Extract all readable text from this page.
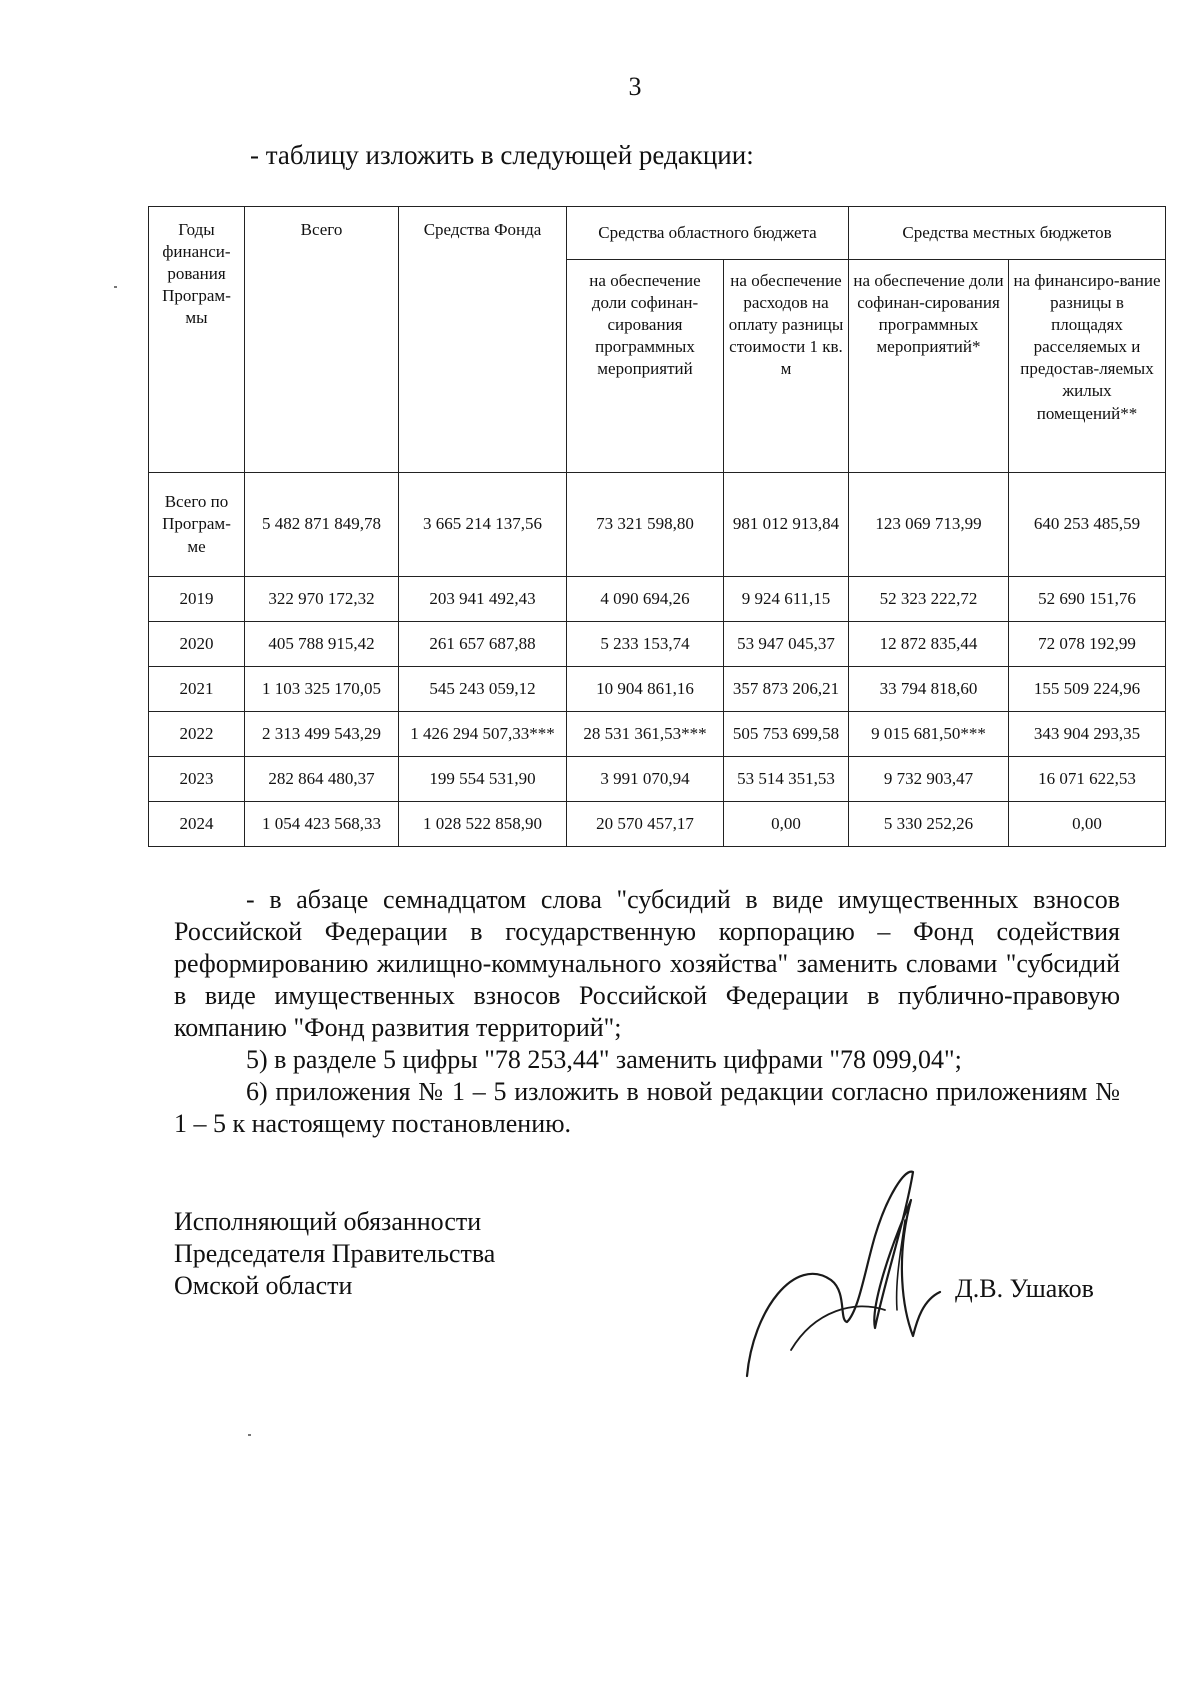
3

- таблицу изложить в следующей редакции:

Годы финанси-рования Програм-мы	Всего	Средства Фонда	Средства областного бюджета		Средства местных бюджетов	
			на обеспечение доли софинан-сирования программных мероприятий	на обеспечение расходов на оплату разницы стоимости 1 кв. м	на обеспечение доли софинан-сирования программных мероприятий*	на финансиро-вание разницы в площадях расселяемых и предостав-ляемых жилых помещений**
Всего по Програм-ме	5 482 871 849,78	3 665 214 137,56	73 321 598,80	981 012 913,84	123 069 713,99	640 253 485,59
2019	322 970 172,32	203 941 492,43	4 090 694,26	9 924 611,15	52 323 222,72	52 690 151,76
2020	405 788 915,42	261 657 687,88	5 233 153,74	53 947 045,37	12 872 835,44	72 078 192,99
2021	1 103 325 170,05	545 243 059,12	10 904 861,16	357 873 206,21	33 794 818,60	155 509 224,96
2022	2 313 499 543,29	1 426 294 507,33***	28 531 361,53***	505 753 699,58	9 015 681,50***	343 904 293,35
2023	282 864 480,37	199 554 531,90	3 991 070,94	53 514 351,53	9 732 903,47	16 071 622,53
2024	1 054 423 568,33	1 028 522 858,90	20 570 457,17	0,00	5 330 252,26	0,00

- в абзаце семнадцатом слова "субсидий в виде имущественных взносов Российской Федерации в государственную корпорацию – Фонд содействия реформированию жилищно-коммунального хозяйства" заменить словами "субсидий в виде имущественных взносов Российской Федерации в публично-правовую компанию "Фонд развития территорий";

5) в разделе 5 цифры "78 253,44" заменить цифрами "78 099,04";

6) приложения № 1 – 5 изложить в новой редакции согласно приложениям № 1 – 5 к настоящему постановлению.

Исполняющий обязанности
Председателя Правительства
Омской области	Д.В. Ушаков
